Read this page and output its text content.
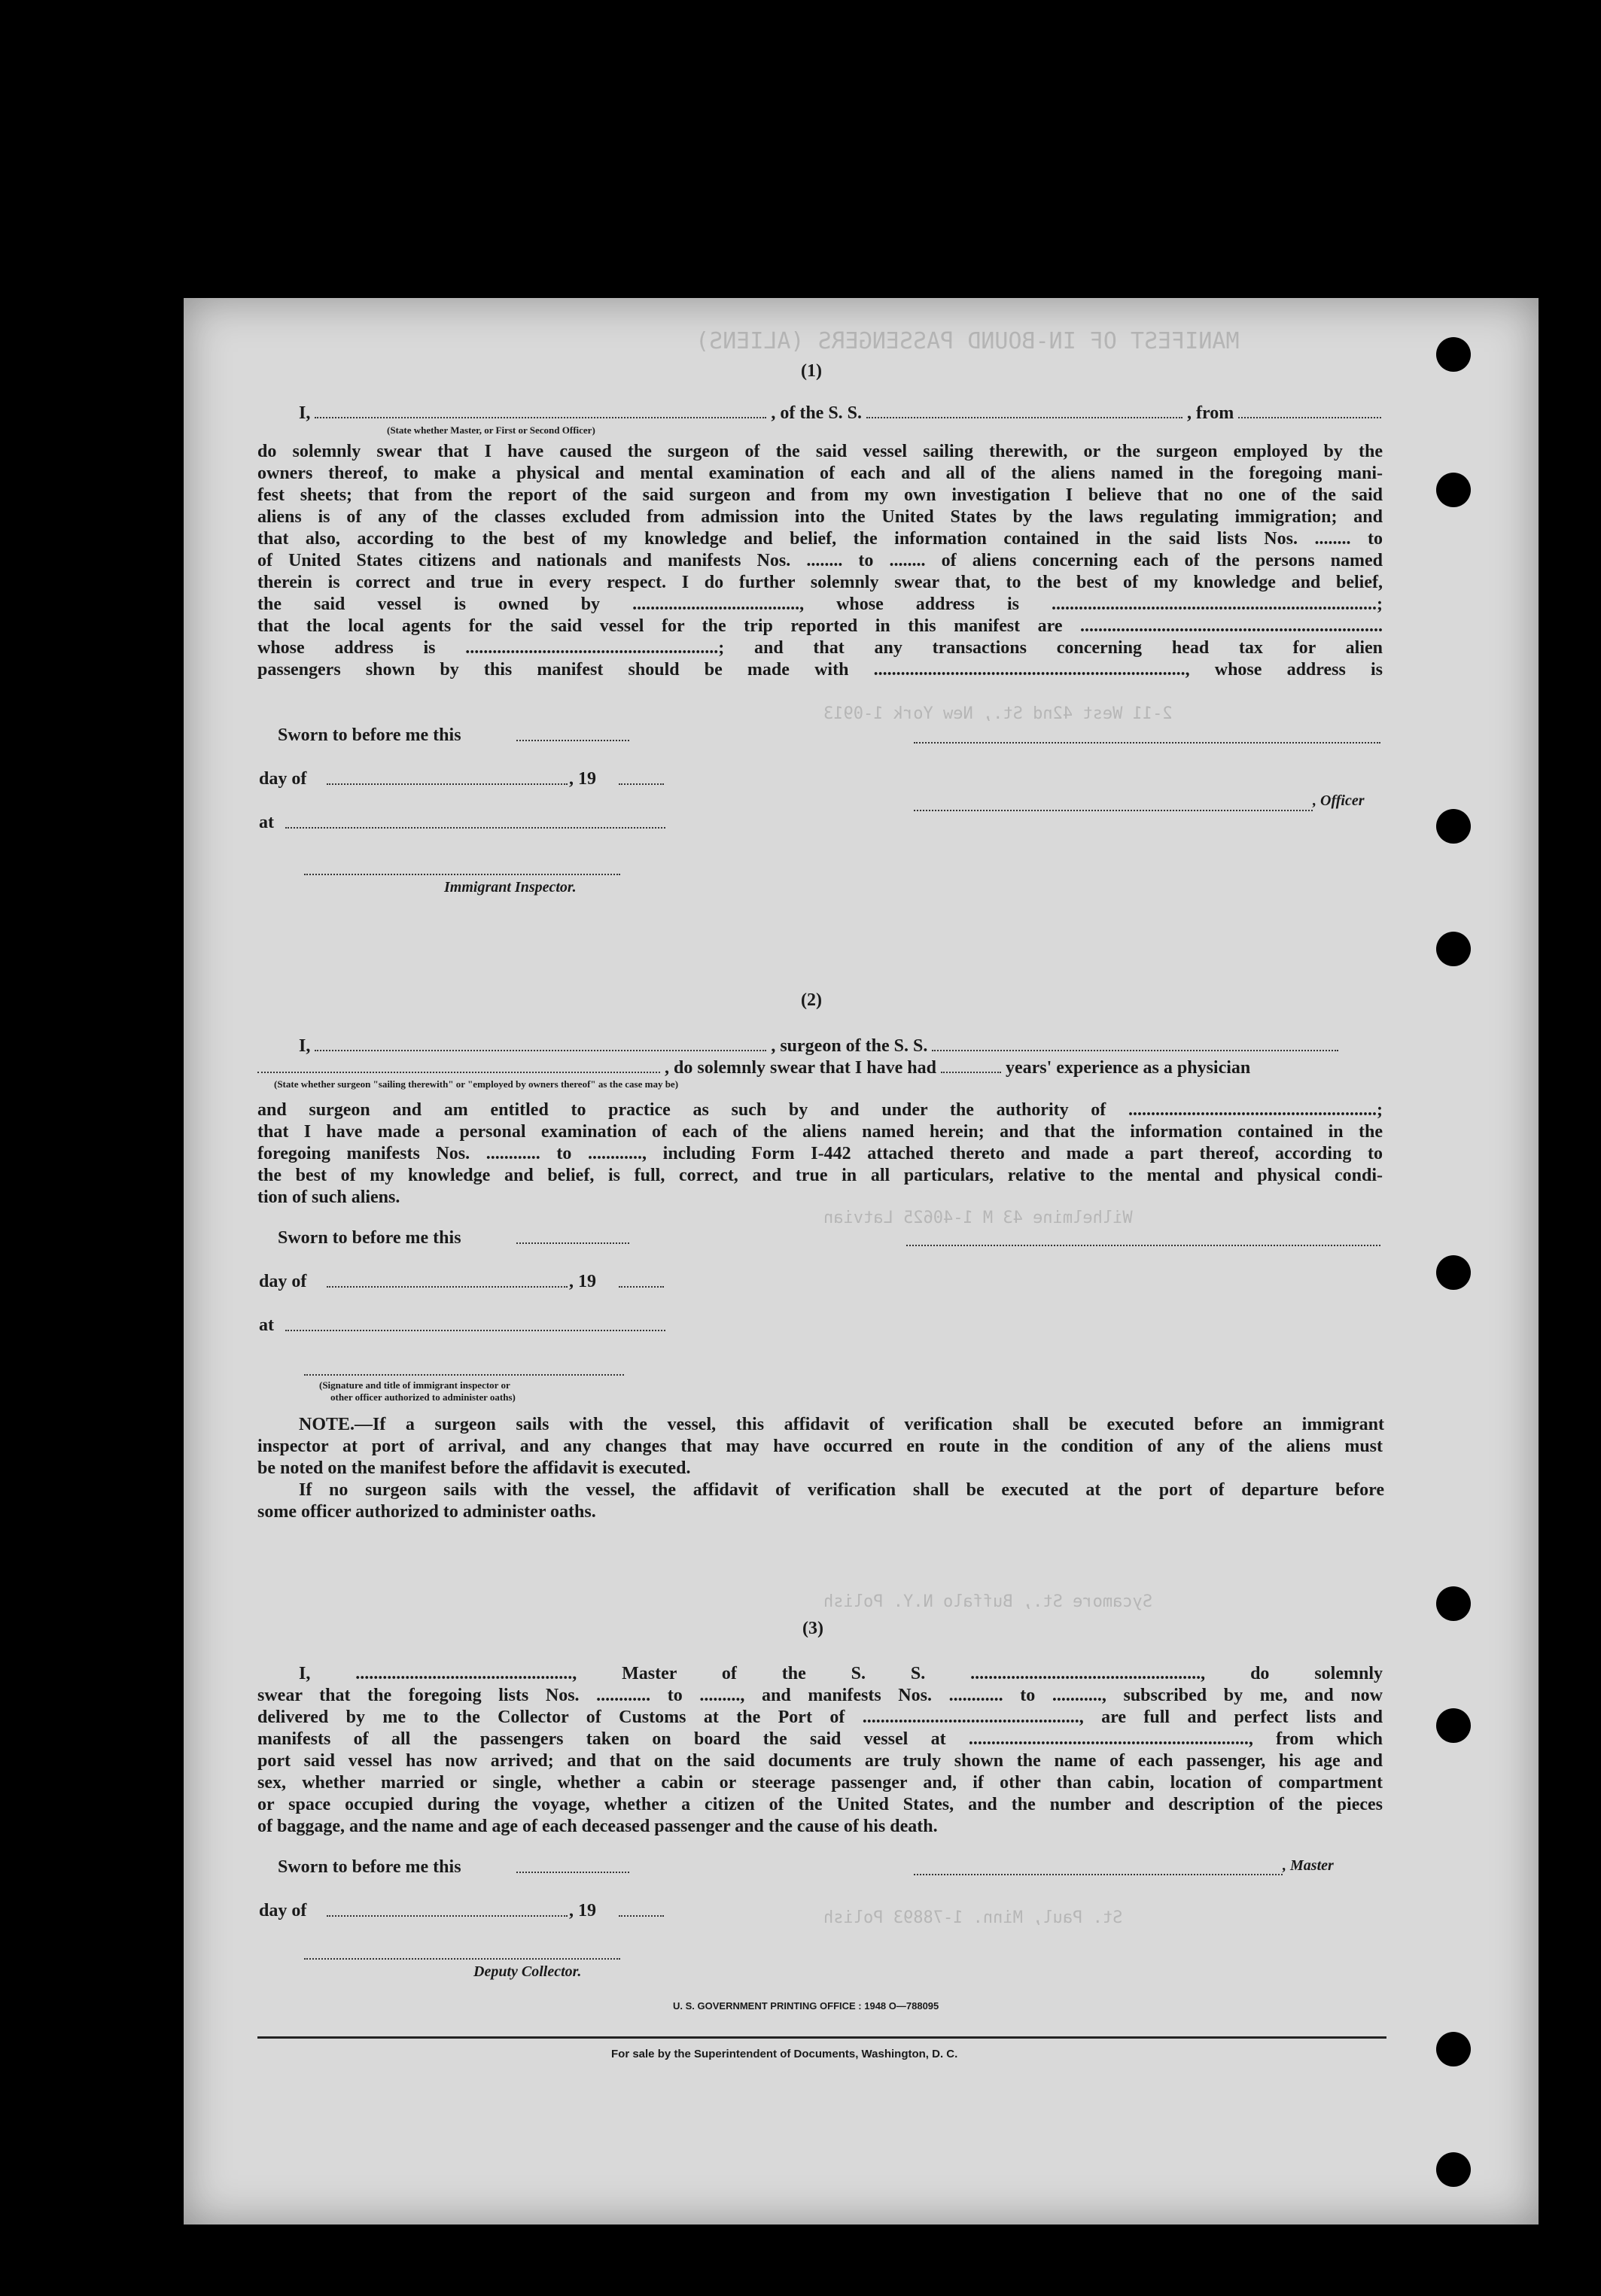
MANIFEST OF IN-BOUND PASSENGERS (ALIENS)
2-11 West 42nd St., New York 1-0913
Wilhelmine 43 M 1-40625 Latvian
Sycamore St., Buffalo N.Y. Polish
St. Paul, Minn. 1-78893 Polish
(1)
I,	, of the S. S.	, from
(State whether Master, or First or Second Officer)
do solemnly swear that I have caused the surgeon of the said vessel sailing therewith, or the surgeon employed by the
owners thereof, to make a physical and mental examination of each and all of the aliens named in the foregoing mani-
fest sheets; that from the report of the said surgeon and from my own investigation I believe that no one of the said
aliens is of any of the classes excluded from admission into the United States by the laws regulating immigration; and
that also, according to the best of my knowledge and belief, the information contained in the said lists Nos. ........ to
of United States citizens and nationals and manifests Nos. ........ to ........ of aliens concerning each of the persons named
therein is correct and true in every respect. I do further solemnly swear that, to the best of my knowledge and belief,
the said vessel is owned by ....................................., whose address is ........................................................................;
that the local agents for the said vessel for the trip reported in this manifest are ...................................................................
whose address is ........................................................; and that any transactions concerning head tax for alien
passengers shown by this manifest should be made with ....................................................................., whose address is
Sworn to before me this
day of	, 19
, Officer
at
Immigrant Inspector.
(2)
I,	, surgeon of the S. S.
, do solemnly swear that I have had	years' experience as a physician
(State whether surgeon "sailing therewith" or "employed by owners thereof" as the case may be)
and surgeon and am entitled to practice as such by and under the authority of .......................................................;
that I have made a personal examination of each of the aliens named herein; and that the information contained in the
foregoing manifests Nos. ............ to ............, including Form I-442 attached thereto and made a part thereof, according to
the best of my knowledge and belief, is full, correct, and true in all particulars, relative to the mental and physical condi-
tion of such aliens.
Sworn to before me this
day of	, 19
at
(Signature and title of immigrant inspector or
other officer authorized to administer oaths)
NOTE.—If a surgeon sails with the vessel, this affidavit of verification shall be executed before an immigrant
inspector at port of arrival, and any changes that may have occurred en route in the condition of any of the aliens must
be noted on the manifest before the affidavit is executed.
If no surgeon sails with the vessel, the affidavit of verification shall be executed at the port of departure before
some officer authorized to administer oaths.
(3)
I, ................................................, Master of the S. S. ..................................................., do solemnly
swear that the foregoing lists Nos. ............ to ........., and manifests Nos. ............ to ..........., subscribed by me, and now
delivered by me to the Collector of Customs at the Port of ................................................, are full and perfect lists and
manifests of all the passengers taken on board the said vessel at .............................................................., from which
port said vessel has now arrived; and that on the said documents are truly shown the name of each passenger, his age and
sex, whether married or single, whether a cabin or steerage passenger and, if other than cabin, location of compartment
or space occupied during the voyage, whether a citizen of the United States, and the number and description of the pieces
of baggage, and the name and age of each deceased passenger and the cause of his death.
Sworn to before me this	, Master
day of	, 19
Deputy Collector.
U. S. GOVERNMENT PRINTING OFFICE : 1948 O—788095
For sale by the Superintendent of Documents, Washington, D. C.
